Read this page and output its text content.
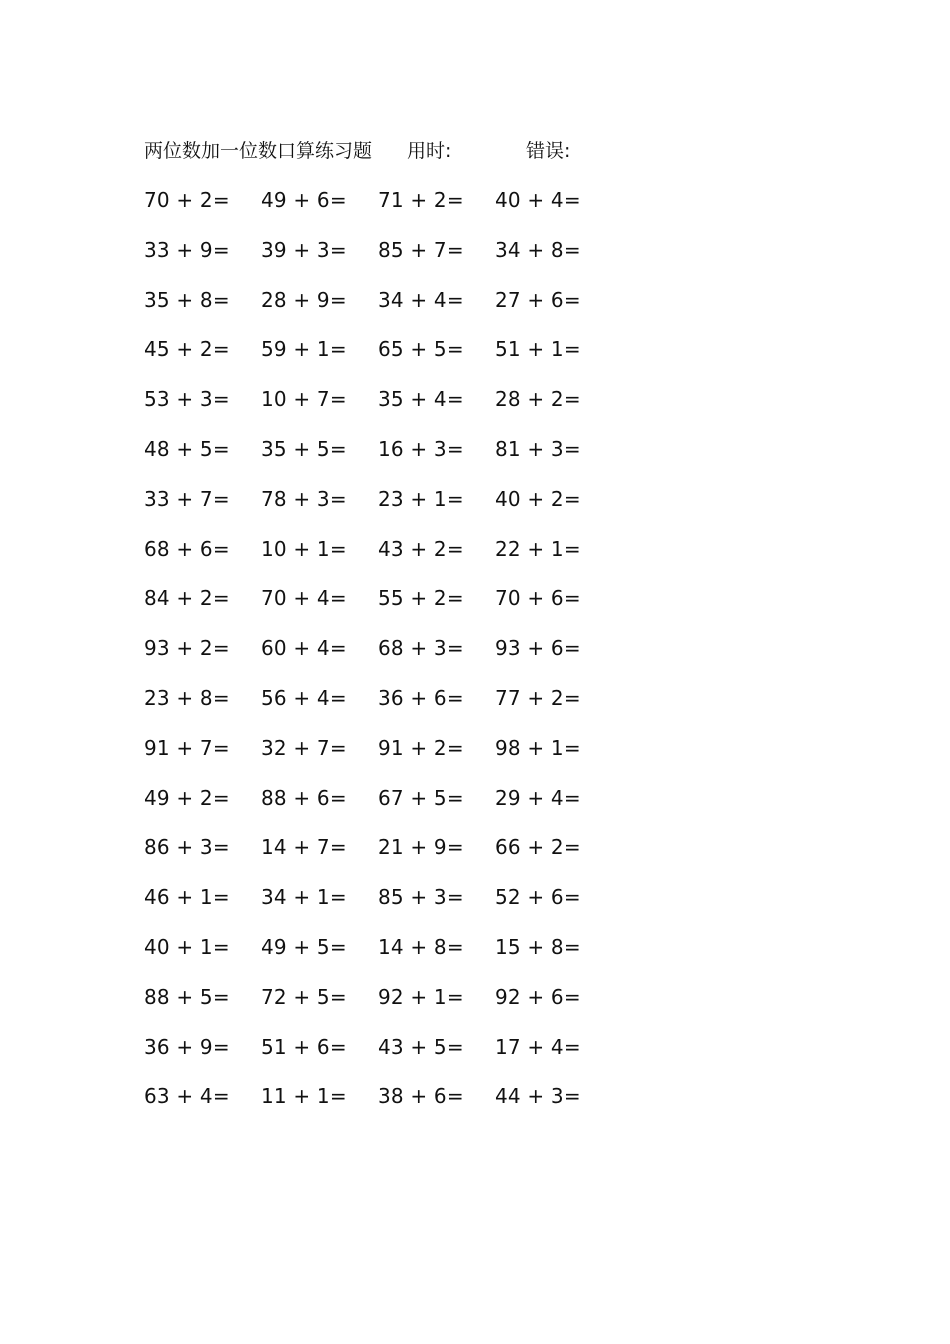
两位数加一位数口算练习题 用时:	错误:
70 + 2= 49 + 6= 71 + 2= 40 + 4=
33 + 9= 39 + 3= 85 + 7= 34 + 8=
35 + 8= 28 + 9= 34 + 4= 27 + 6=
45 + 2= 59 + 1= 65 + 5= 51 + 1=
53 + 3= 10 + 7= 35 + 4= 28 + 2=
48 + 5= 35 + 5= 16 + 3= 81 + 3=
33 + 7= 78 + 3= 23 + 1= 40 + 2=
68 + 6= 10 + 1= 43 + 2= 22 + 1=
84 + 2= 70 + 4= 55 + 2= 70 + 6=
93 + 2= 60 + 4= 68 + 3= 93 + 6=
23 + 8= 56 + 4= 36 + 6= 77 + 2=
91 + 7= 32 + 7= 91 + 2= 98 + 1=
49 + 2= 88 + 6= 67 + 5= 29 + 4=
86 + 3= 14 + 7= 21 + 9= 66 + 2=
46 + 1= 34 + 1= 85 + 3= 52 + 6=
40 + 1= 49 + 5= 14 + 8= 15 + 8=
88 + 5= 72 + 5= 92 + 1= 92 + 6=
36 + 9= 51 + 6= 43 + 5= 17 + 4=
63 + 4= 11 + 1= 38 + 6= 44 + 3=
